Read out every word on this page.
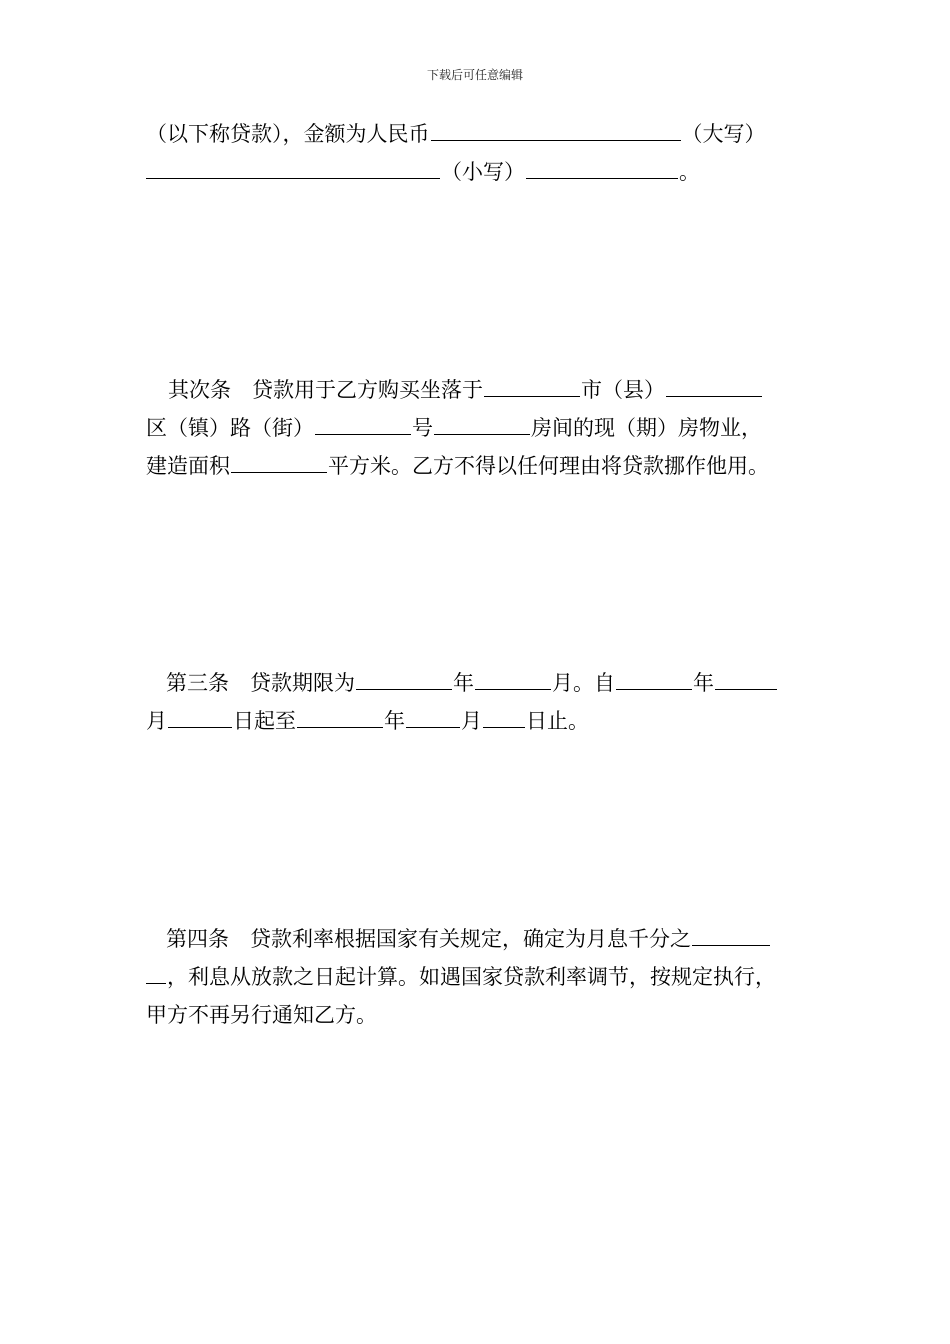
下载后可任意编辑
（以下称贷款），金额为人民币	（大写）
（小写）	。
其次条　贷款用于乙方购买坐落于	市（县）
区（镇）路（街）	号	房间的现（期）房物业，
建造面积	平方米。乙方不得以任何理由将贷款挪作他用。
第三条　贷款期限为	年	月。自	年
月	日起至	年	月 日止。
第四条　贷款利率根据国家有关规定，确定为月息千分之
，利息从放款之日起计算。如遇国家贷款利率调节，按规定执行，
甲方不再另行通知乙方。
